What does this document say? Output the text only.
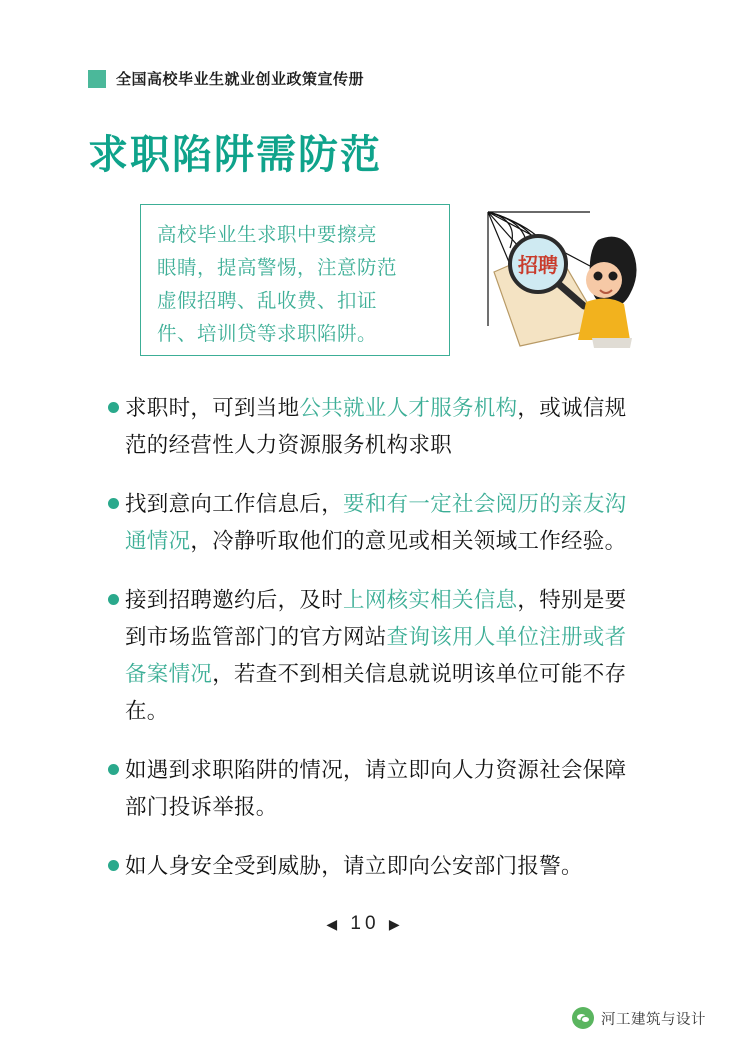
全国高校毕业生就业创业政策宣传册
求职陷阱需防范
高校毕业生求职中要擦亮
眼睛，提高警惕，注意防范
虚假招聘、乱收费、扣证
件、培训贷等求职陷阱。
招聘
求职时，可到当地公共就业人才服务机构，或诚信规范的经营性人力资源服务机构求职
找到意向工作信息后，要和有一定社会阅历的亲友沟通情况，冷静听取他们的意见或相关领域工作经验。
接到招聘邀约后，及时上网核实相关信息，特别是要到市场监管部门的官方网站查询该用人单位注册或者备案情况，若查不到相关信息就说明该单位可能不存在。
如遇到求职陷阱的情况，请立即向人力资源社会保障部门投诉举报。
如人身安全受到威胁，请立即向公安部门报警。
◀ 10 ▶
河工建筑与设计
